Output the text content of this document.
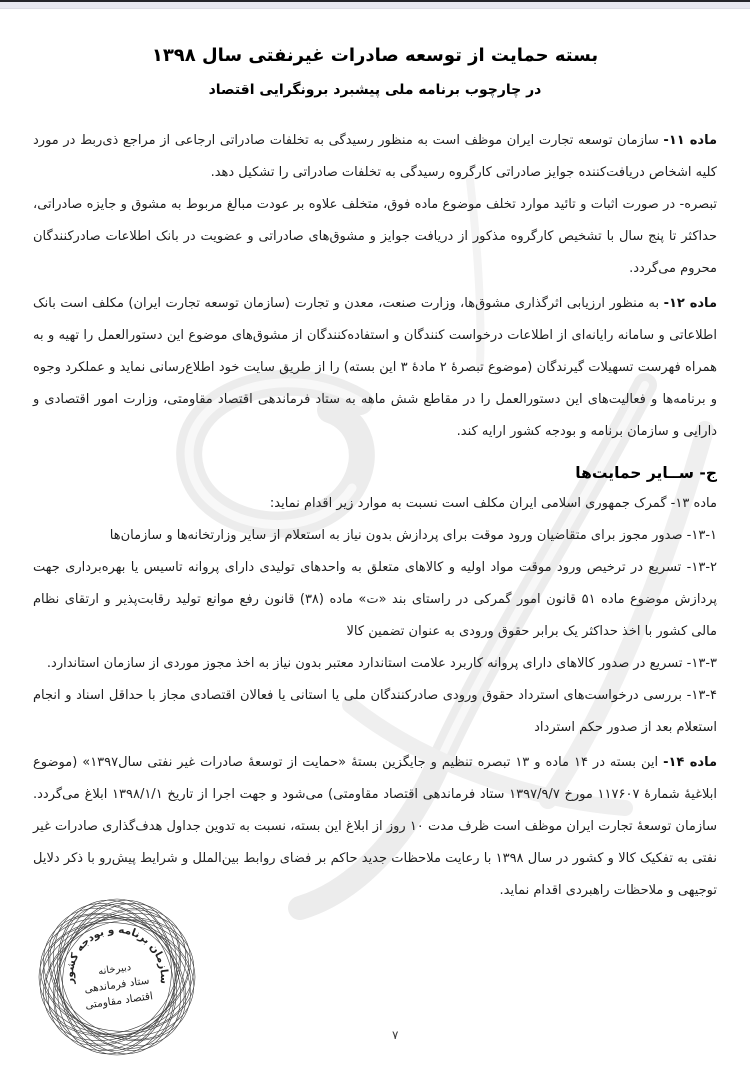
بسته حمایت از توسعه صادرات غیرنفتی سال ۱۳۹۸
در چارچوب برنامه ملی پیشبرد برونگرایی اقتصاد

ماده ۱۱- سازمان توسعه تجارت ایران موظف است به منظور رسیدگی به تخلفات صادراتی ارجاعی از مراجع ذی‌ربط در مورد کلیه اشخاص دریافت‌کننده جوایز صادراتی کارگروه رسیدگی به تخلفات صادراتی را تشکیل دهد.

تبصره- در صورت اثبات و تائید موارد تخلف موضوع ماده فوق، متخلف علاوه بر عودت مبالغ مربوط به مشوق و جایزه صادراتی، حداکثر تا پنج سال با تشخیص کارگروه مذکور از دریافت جوایز و مشوق‌های صادراتی و عضویت در بانک اطلاعات صادرکنندگان محروم می‌گردد.

ماده ۱۲- به منظور ارزیابی اثرگذاری مشوق‌ها، وزارت صنعت، معدن و تجارت (سازمان توسعه تجارت ایران) مکلف است بانک اطلاعاتی و سامانه رایانه‌ای از اطلاعات درخواست کنندگان و استفاده‌کنندگان از مشوق‌های موضوع این دستورالعمل را تهیه و به همراه فهرست تسهیلات گیرندگان (موضوع تبصرهٔ ۲ مادهٔ ۳ این بسته) را از طریق سایت خود اطلاع‌رسانی نماید و عملکرد وجوه و برنامه‌ها و فعالیت‌های این دستورالعمل را در مقاطع شش ماهه به ستاد فرماندهی اقتصاد مقاومتی، وزارت امور اقتصادی و دارایی و سازمان برنامه و بودجه کشور ارایه کند.

ج- ســایر حمایت‌ها

ماده ۱۳- گمرک جمهوری اسلامی ایران مکلف است نسبت به موارد زیر اقدام نماید:

۱۳-۱- صدور مجوز برای متقاضیان ورود موقت برای پردازش بدون نیاز به استعلام از سایر وزارتخانه‌ها و سازمان‌ها

۱۳-۲- تسریع در ترخیص ورود موقت مواد اولیه و کالاهای متعلق به واحدهای تولیدی دارای پروانه تاسیس یا بهره‌برداری جهت پردازش موضوع ماده ۵۱ قانون امور گمرکی در راستای بند «ت» ماده (۳۸) قانون رفع موانع تولید رقابت‌پذیر و ارتقای نظام مالی کشور با اخذ حداکثر یک برابر حقوق ورودی به عنوان تضمین کالا

۱۳-۳- تسریع در صدور کالاهای دارای پروانه کاربرد علامت استاندارد معتبر بدون نیاز به اخذ مجوز موردی از سازمان استاندارد.

۱۳-۴- بررسی درخواست‌های استرداد حقوق ورودی صادرکنندگان ملی یا استانی یا فعالان اقتصادی مجاز با حداقل اسناد و انجام استعلام بعد از صدور حکم استرداد

ماده ۱۴- این بسته در ۱۴ ماده و ۱۳ تبصره تنظیم و جایگزین بستهٔ «حمایت از توسعهٔ صادرات غیر نفتی سال۱۳۹۷» (موضوع ابلاغیهٔ شمارهٔ ۱۱۷۶۰۷ مورخ ۱۳۹۷/۹/۷ ستاد فرماندهی اقتصاد مقاومتی) می‌شود و جهت اجرا از تاریخ ۱۳۹۸/۱/۱ ابلاغ می‌گردد. سازمان توسعهٔ تجارت ایران موظف است ظرف مدت ۱۰ روز از ابلاغ این بسته، نسبت به تدوین جداول هدف‌گذاری صادرات غیر نفتی به تفکیک کالا و کشور در سال ۱۳۹۸ با رعایت ملاحظات جدید حاکم بر فضای روابط بین‌الملل و شرایط پیش‌رو با ذکر دلایل توجیهی و ملاحظات راهبردی اقدام نماید.

سازمان برنامه و بودجه کشور
دبیرخانه
ستاد فرماندهی
اقتصاد مقاومتی
۷
